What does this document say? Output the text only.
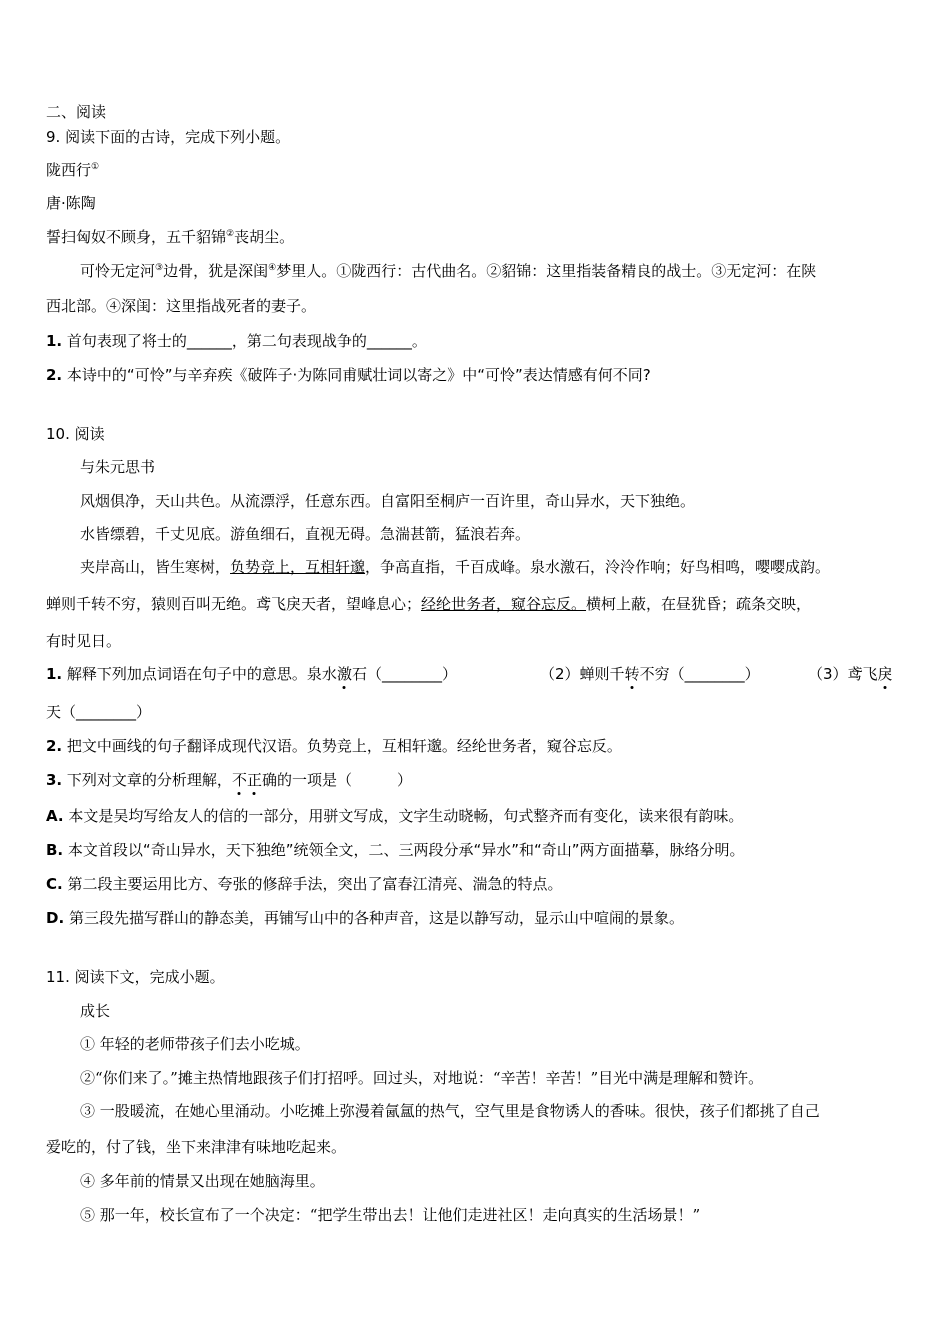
二、阅读
9. 阅读下面的古诗，完成下列小题。
陇西行①
唐·陈陶
誓扫匈奴不顾身，五千貂锦②丧胡尘。
可怜无定河③边骨，犹是深闺④梦里人。①陇西行：古代曲名。②貂锦：这里指装备精良的战士。③无定河：在陕
西北部。④深闺：这里指战死者的妻子。
1. 首句表现了将士的______，第二句表现战争的______。
2. 本诗中的“可怜”与辛弃疾《破阵子·为陈同甫赋壮词以寄之》中“可怜”表达情感有何不同?
10. 阅读
与朱元思书
风烟俱净，天山共色。从流漂浮，任意东西。自富阳至桐庐一百许里，奇山异水，天下独绝。
水皆缥碧，千丈见底。游鱼细石，直视无碍。急湍甚箭，猛浪若奔。
夹岸高山，皆生寒树，负势竞上，互相轩邈，争高直指，千百成峰。泉水激石，泠泠作响；好鸟相鸣，嘤嘤成韵。
蝉则千转不穷，猿则百叫无绝。鸢飞戾天者，望峰息心；经纶世务者，窥谷忘反。横柯上蔽，在昼犹昏；疏条交映，
有时见日。
1. 解释下列加点词语在句子中的意思。泉水激石（________）	（2）蝉则千转不穷（________）	（3）鸢飞戾
天（________）
2. 把文中画线的句子翻译成现代汉语。负势竞上，互相轩邈。经纶世务者，窥谷忘反。
3. 下列对文章的分析理解，不正确的一项是（　　　）
A. 本文是吴均写给友人的信的一部分，用骈文写成，文字生动晓畅，句式整齐而有变化，读来很有韵味。
B. 本文首段以“奇山异水，天下独绝”统领全文，二、三两段分承“异水”和“奇山”两方面描摹，脉络分明。
C. 第二段主要运用比方、夸张的修辞手法，突出了富春江清亮、湍急的特点。
D. 第三段先描写群山的静态美，再铺写山中的各种声音，这是以静写动，显示山中喧闹的景象。
11. 阅读下文，完成小题。
成长
① 年轻的老师带孩子们去小吃城。
②“你们来了。”摊主热情地跟孩子们打招呼。回过头，对地说：“辛苦！辛苦！”目光中满是理解和赞许。
③ 一股暖流，在她心里涌动。小吃摊上弥漫着氤氲的热气，空气里是食物诱人的香味。很快，孩子们都挑了自己
爱吃的，付了钱，坐下来津津有味地吃起来。
④ 多年前的情景又出现在她脑海里。
⑤ 那一年，校长宣布了一个决定：“把学生带出去！让他们走进社区！走向真实的生活场景！”
